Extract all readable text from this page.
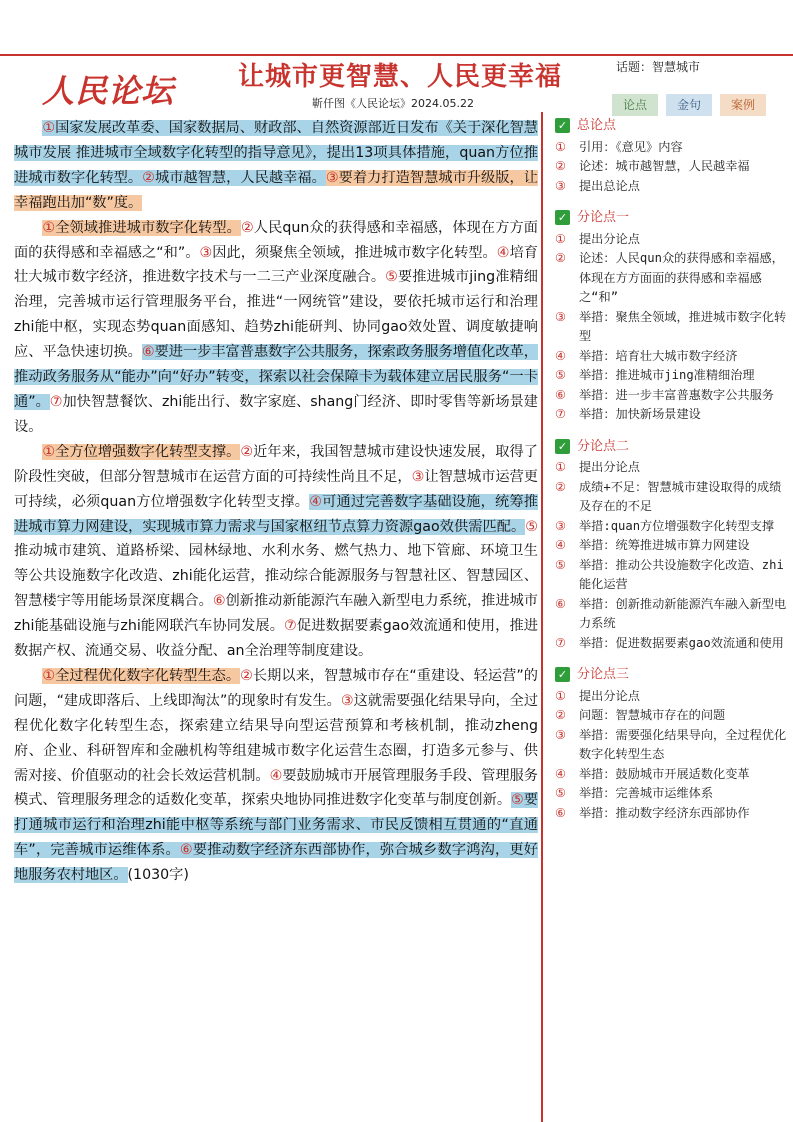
人民论坛 让城市更智慧、人民更幸福
靳仟图《人民论坛》2024.05.22
话题：智慧城市
论点	金句	案例

①国家发展改革委、国家数据局、财政部、自然资源部近日发布《关于深化智慧城市发展 推进城市全域数字化转型的指导意见》，提出13项具体措施，quan方位推进城市数字化转型。②城市越智慧，人民越幸福。③要着力打造智慧城市升级版，让幸福跑出加“数”度。

①全领域推进城市数字化转型。②人民qun众的获得感和幸福感，体现在方方面面的获得感和幸福感之“和”。③因此，须聚焦全领域，推进城市数字化转型。④培育壮大城市数字经济，推进数字技术与一二三产业深度融合。⑤要推进城市jing准精细治理，完善城市运行管理服务平台，推进“一网统管”建设，要依托城市运行和治理zhi能中枢，实现态势quan面感知、趋势zhi能研判、协同gao效处置、调度敏捷响应、平急快速切换。⑥要进一步丰富普惠数字公共服务，探索政务服务增值化改革，推动政务服务从“能办”向“好办”转变，探索以社会保障卡为载体建立居民服务“一卡通”。⑦加快智慧餐饮、zhi能出行、数字家庭、shang门经济、即时零售等新场景建设。

①全方位增强数字化转型支撑。②近年来，我国智慧城市建设快速发展，取得了阶段性突破，但部分智慧城市在运营方面的可持续性尚且不足，③让智慧城市运营更可持续，必须quan方位增强数字化转型支撑。④可通过完善数字基础设施，统筹推进城市算力网建设，实现城市算力需求与国家枢纽节点算力资源gao效供需匹配。⑤推动城市建筑、道路桥梁、园林绿地、水利水务、燃气热力、地下管廊、环境卫生等公共设施数字化改造、zhi能化运营，推动综合能源服务与智慧社区、智慧园区、智慧楼宇等用能场景深度耦合。⑥创新推动新能源汽车融入新型电力系统，推进城市zhi能基础设施与zhi能网联汽车协同发展。⑦促进数据要素gao效流通和使用，推进数据产权、流通交易、收益分配、an全治理等制度建设。

①全过程优化数字化转型生态。②长期以来，智慧城市存在“重建设、轻运营”的问题，“建成即落后、上线即淘汰”的现象时有发生。③这就需要强化结果导向，全过程优化数字化转型生态，探索建立结果导向型运营预算和考核机制，推动zheng府、企业、科研智库和金融机构等组建城市数字化运营生态圈，打造多元参与、供需对接、价值驱动的社会长效运营机制。④要鼓励城市开展管理服务手段、管理服务模式、管理服务理念的适数化变革，探索央地协同推进数字化变革与制度创新。⑤要打通城市运行和治理zhi能中枢等系统与部门业务需求、市民反馈相互贯通的“直通车”，完善城市运维体系。⑥要推动数字经济东西部协作，弥合城乡数字鸿沟，更好地服务农村地区。(1030字)

✓ 总论点
①	引用：《意见》内容
②	论述：城市越智慧，人民越幸福
③	提出总论点
✓ 分论点一
①	提出分论点
②	论述：人民qun众的获得感和幸福感，体现在方方面面的获得感和幸福感之“和”
③	举措：聚焦全领域，推进城市数字化转型
④	举措：培育壮大城市数字经济
⑤	举措：推进城市jing准精细治理
⑥	举措：进一步丰富普惠数字公共服务
⑦	举措：加快新场景建设
✓ 分论点二
①	提出分论点
②	成绩+不足：智慧城市建设取得的成绩及存在的不足
③	举措:quan方位增强数字化转型支撑
④	举措：统筹推进城市算力网建设
⑤	举措：推动公共设施数字化改造、zhi能化运营
⑥	举措：创新推动新能源汽车融入新型电力系统
⑦	举措：促进数据要素gao效流通和使用
✓ 分论点三
①	提出分论点
②	问题：智慧城市存在的问题
③	举措：需要强化结果导向，全过程优化数字化转型生态
④	举措：鼓励城市开展适数化变革
⑤	举措：完善城市运维体系
⑥	举措：推动数字经济东西部协作
